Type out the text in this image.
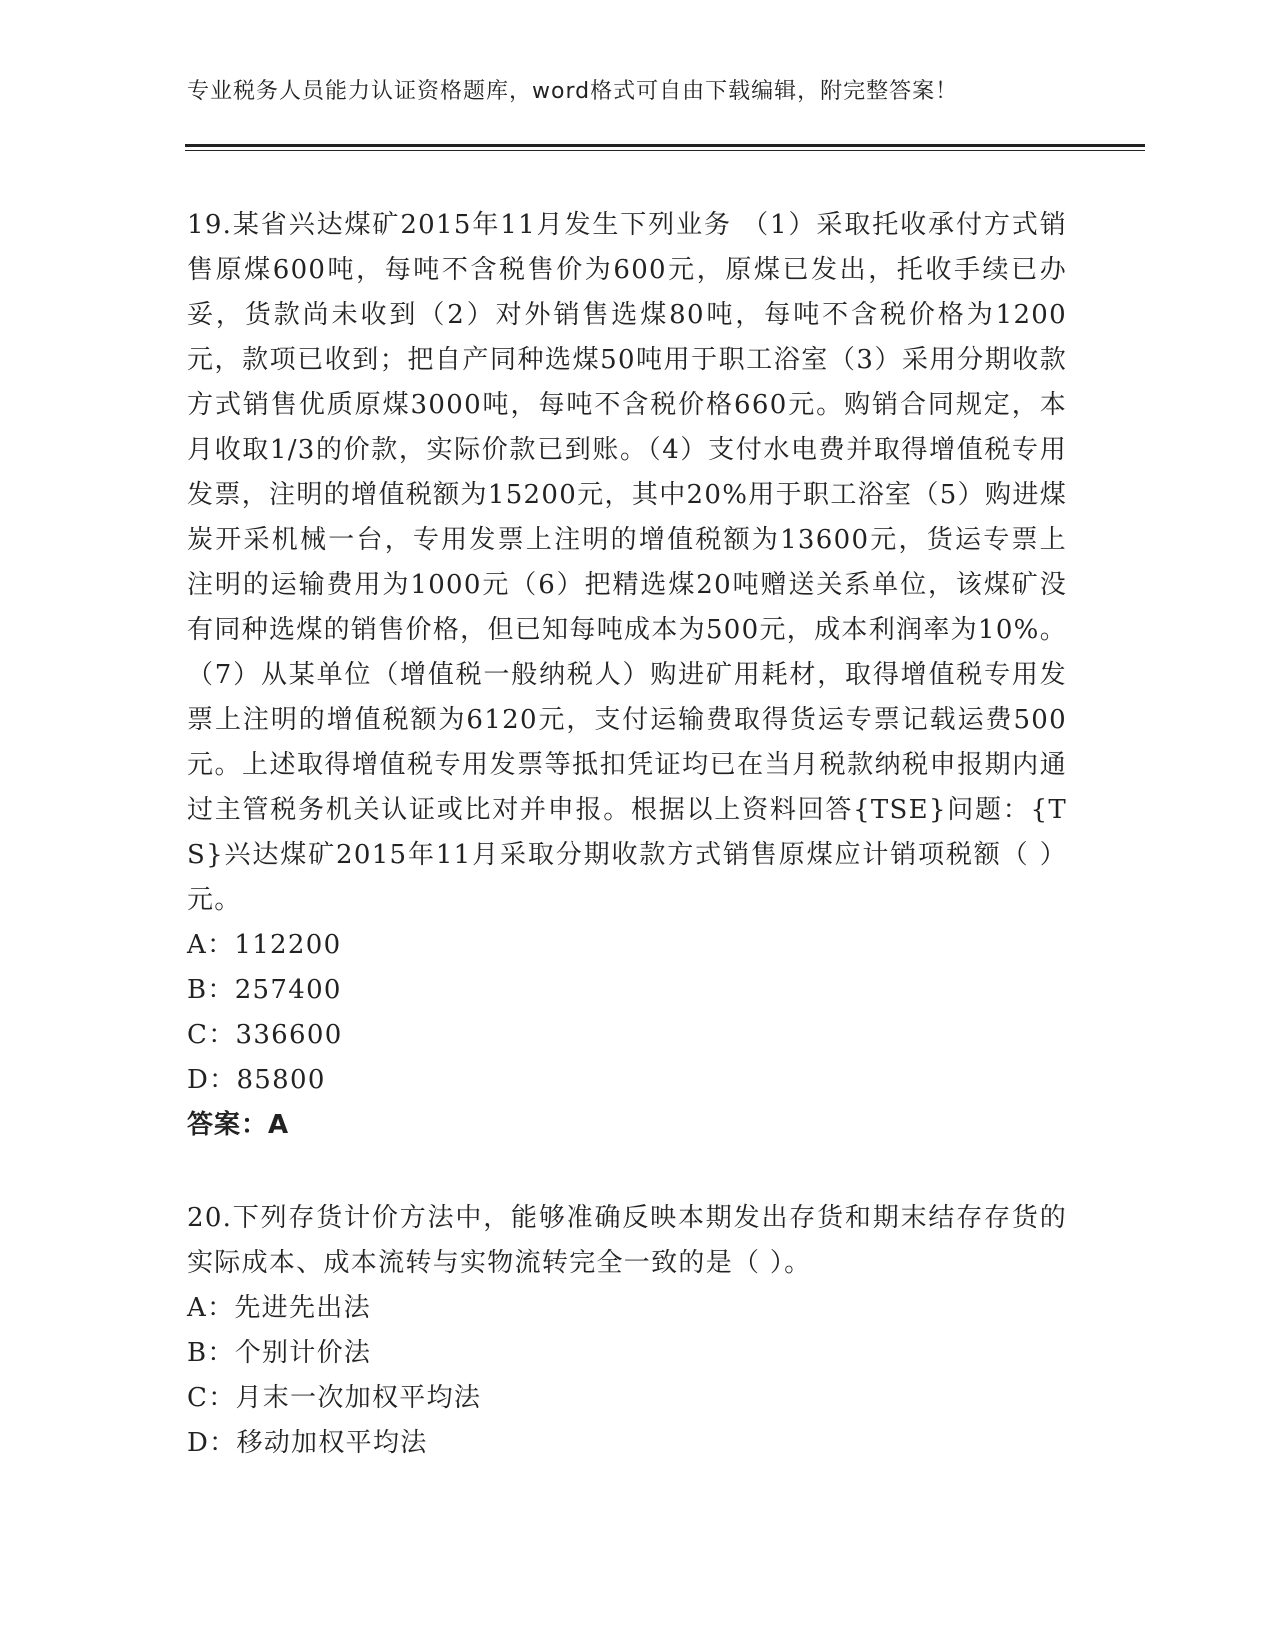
专业税务人员能力认证资格题库，word格式可自由下载编辑，附完整答案！

19.某省兴达煤矿2015年11月发生下列业务 （1）采取托收承付方式销售原煤600吨，每吨不含税售价为600元，原煤已发出，托收手续已办妥，货款尚未收到（2）对外销售选煤80吨，每吨不含税价格为1200元，款项已收到；把自产同种选煤50吨用于职工浴室（3）采用分期收款方式销售优质原煤3000吨，每吨不含税价格660元。购销合同规定，本月收取1/3的价款，实际价款已到账。（4）支付水电费并取得增值税专用发票，注明的增值税额为15200元，其中20%用于职工浴室（5）购进煤炭开采机械一台，专用发票上注明的增值税额为13600元，货运专票上注明的运输费用为1000元（6）把精选煤20吨赠送关系单位，该煤矿没有同种选煤的销售价格，但已知每吨成本为500元，成本利润率为10%。（7）从某单位（增值税一般纳税人）购进矿用耗材，取得增值税专用发票上注明的增值税额为6120元，支付运输费取得货运专票记载运费500元。上述取得增值税专用发票等抵扣凭证均已在当月税款纳税申报期内通过主管税务机关认证或比对并申报。根据以上资料回答{TSE}问题：{TS}兴达煤矿2015年11月采取分期收款方式销售原煤应计销项税额（ ）元。

A：112200
B：257400
C：336600
D：85800
答案：A

20.下列存货计价方法中，能够准确反映本期发出存货和期末结存存货的实际成本、成本流转与实物流转完全一致的是（ ）。

A：先进先出法
B：个别计价法
C：月末一次加权平均法
D：移动加权平均法
